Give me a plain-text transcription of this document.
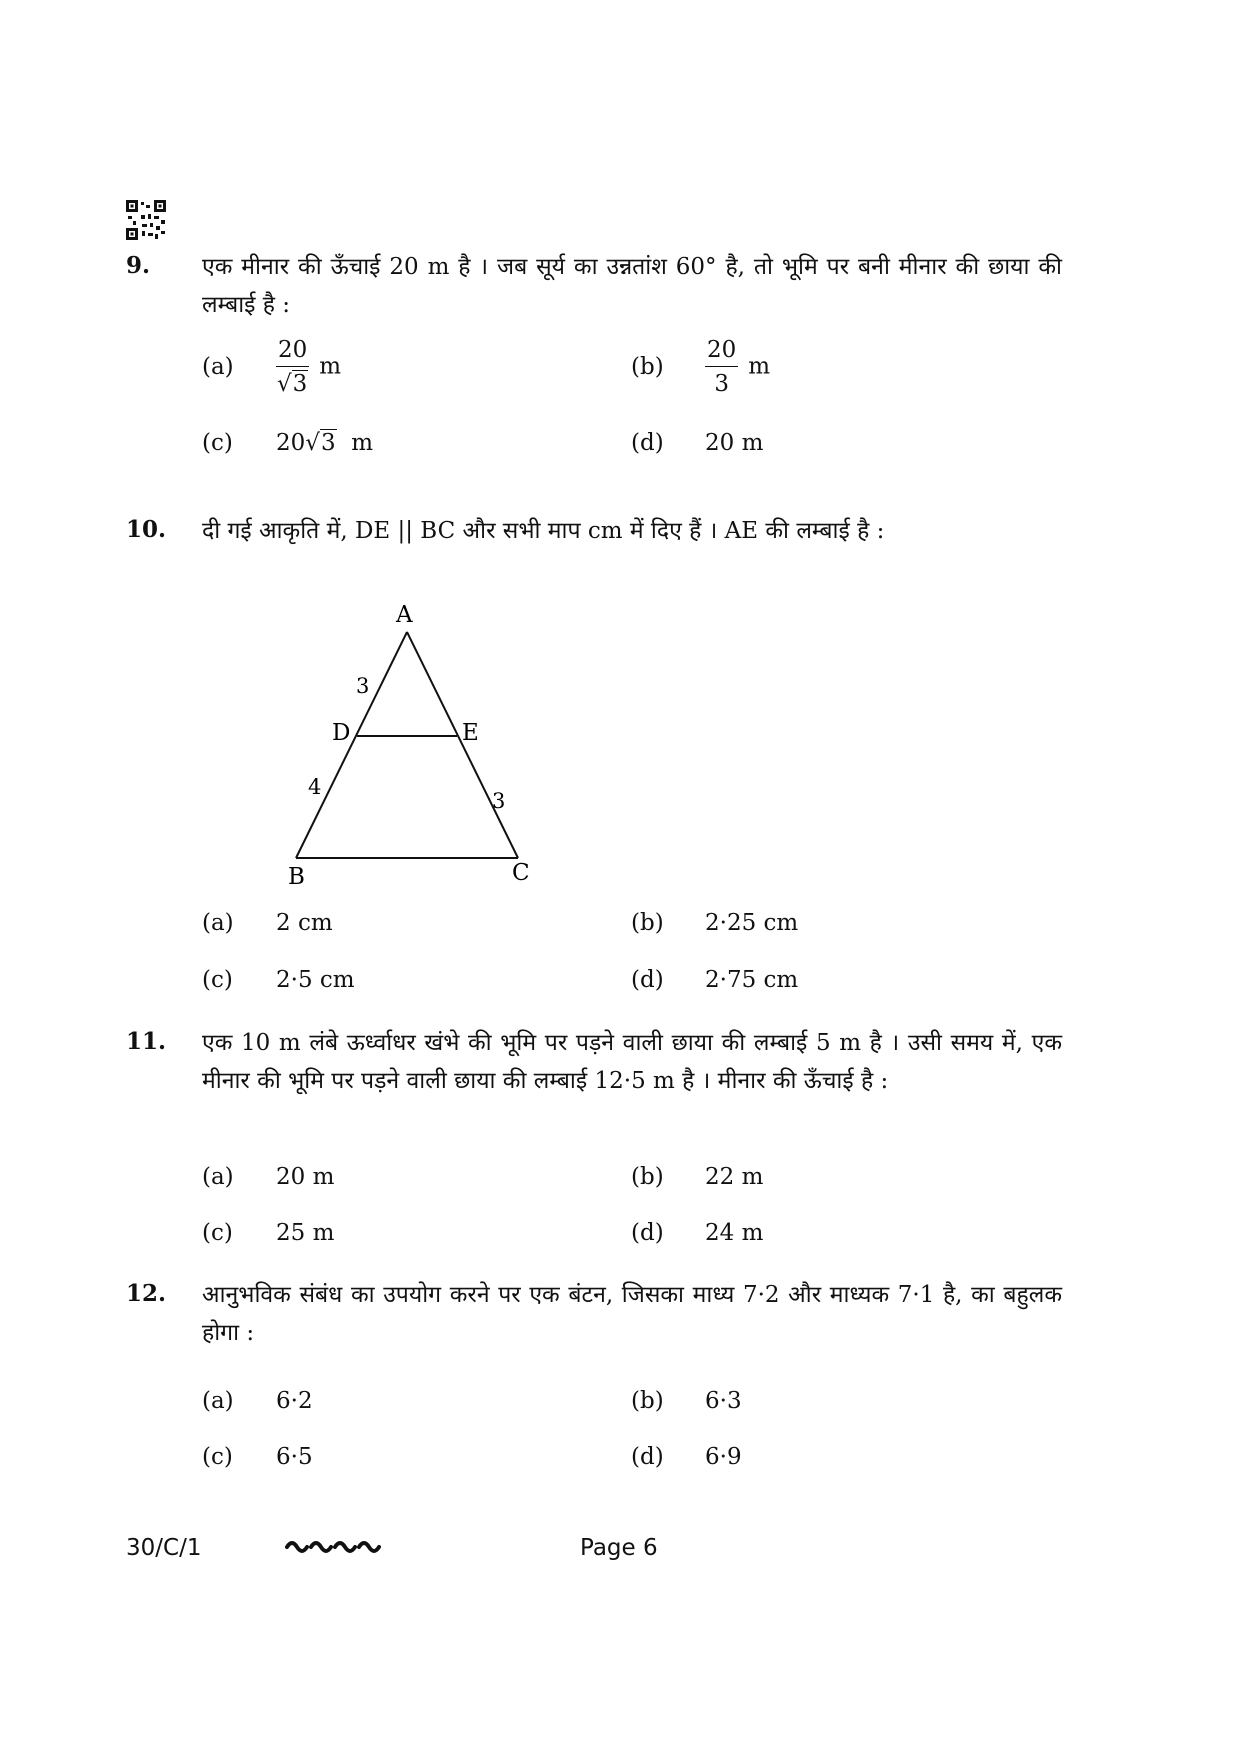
9. एक मीनार की ऊँचाई 20 m है । जब सूर्य का उन्नतांश 60° है, तो भूमि पर बनी मीनार की छाया की लम्बाई है :
(a)	$\frac{20}{√3}$ m	(b)	$\frac{20}{3}$ m
(c)	20√3 m	(d)	20 m
10. दी गई आकृति में, DE || BC और सभी माप cm में दिए हैं । AE की लम्बाई है :
A
B	C
D	E
3
4
3
(a)	2 cm	(b)	2·25 cm
(c)	2·5 cm	(d)	2·75 cm
11. एक 10 m लंबे ऊर्ध्वाधर खंभे की भूमि पर पड़ने वाली छाया की लम्बाई 5 m है । उसी समय में, एक मीनार की भूमि पर पड़ने वाली छाया की लम्बाई 12·5 m है । मीनार की ऊँचाई है :
(a)	20 m	(b)	22 m
(c)	25 m	(d)	24 m
12. आनुभविक संबंध का उपयोग करने पर एक बंटन, जिसका माध्य 7·2 और माध्यक 7·1 है, का बहुलक होगा :
(a)	6·2	(b)	6·3
(c)	6·5	(d)	6·9
30/C/1	Page 6
